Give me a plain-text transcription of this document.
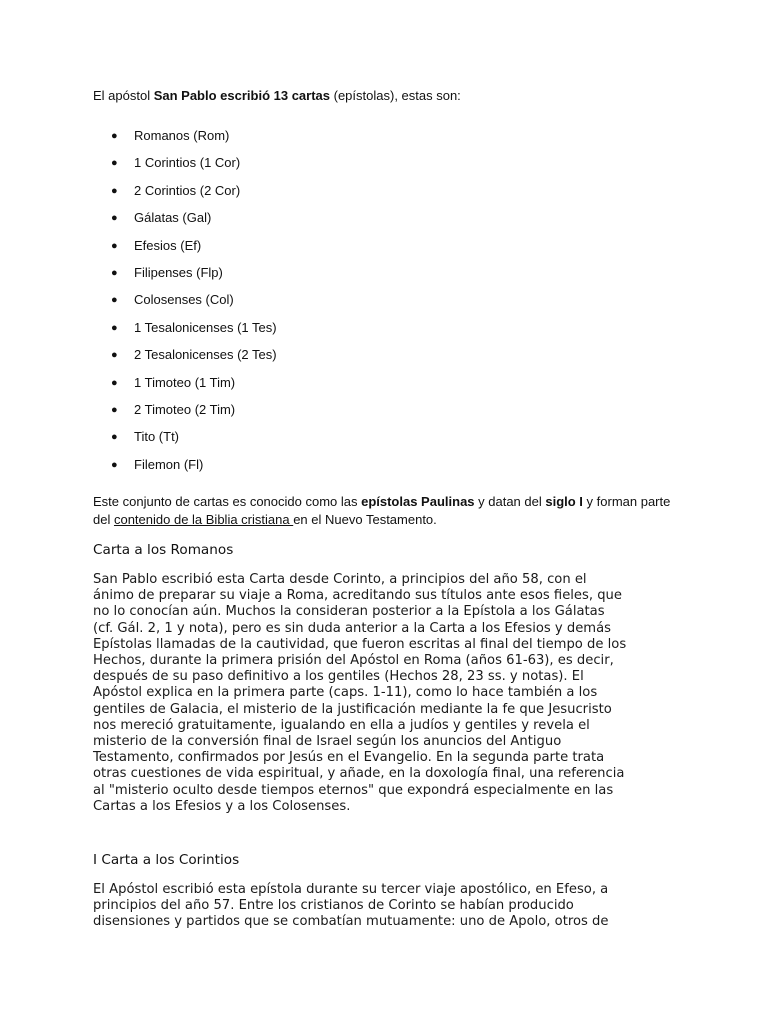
El apóstol San Pablo escribió 13 cartas (epístolas), estas son:

● Romanos (Rom)
● 1 Corintios (1 Cor)
● 2 Corintios (2 Cor)
● Gálatas (Gal)
● Efesios (Ef)
● Filipenses (Flp)
● Colosenses (Col)
● 1 Tesalonicenses (1 Tes)
● 2 Tesalonicenses (2 Tes)
● 1 Timoteo (1 Tim)
● 2 Timoteo (2 Tim)
● Tito (Tt)
● Filemon (Fl)

Este conjunto de cartas es conocido como las epístolas Paulinas y datan del siglo I y forman parte del contenido de la Biblia cristiana en el Nuevo Testamento.

Carta a los Romanos
San Pablo escribió esta Carta desde Corinto, a principios del año 58, con el
ánimo de preparar su viaje a Roma, acreditando sus títulos ante esos fieles, que
no lo conocían aún. Muchos la consideran posterior a la Epístola a los Gálatas
(cf. Gál. 2, 1 y nota), pero es sin duda anterior a la Carta a los Efesios y demás
Epístolas llamadas de la cautividad, que fueron escritas al final del tiempo de los
Hechos, durante la primera prisión del Apóstol en Roma (años 61-63), es decir,
después de su paso definitivo a los gentiles (Hechos 28, 23 ss. y notas). El
Apóstol explica en la primera parte (caps. 1-11), como lo hace también a los
gentiles de Galacia, el misterio de la justificación mediante la fe que Jesucristo
nos mereció gratuitamente, igualando en ella a judíos y gentiles y revela el
misterio de la conversión final de Israel según los anuncios del Antiguo
Testamento, confirmados por Jesús en el Evangelio. En la segunda parte trata
otras cuestiones de vida espiritual, y añade, en la doxología final, una referencia
al "misterio oculto desde tiempos eternos" que expondrá especialmente en las
Cartas a los Efesios y a los Colosenses.
I Carta a los Corintios
El Apóstol escribió esta epístola durante su tercer viaje apostólico, en Efeso, a
principios del año 57. Entre los cristianos de Corinto se habían producido
disensiones y partidos que se combatían mutuamente: uno de Apolo, otros de
